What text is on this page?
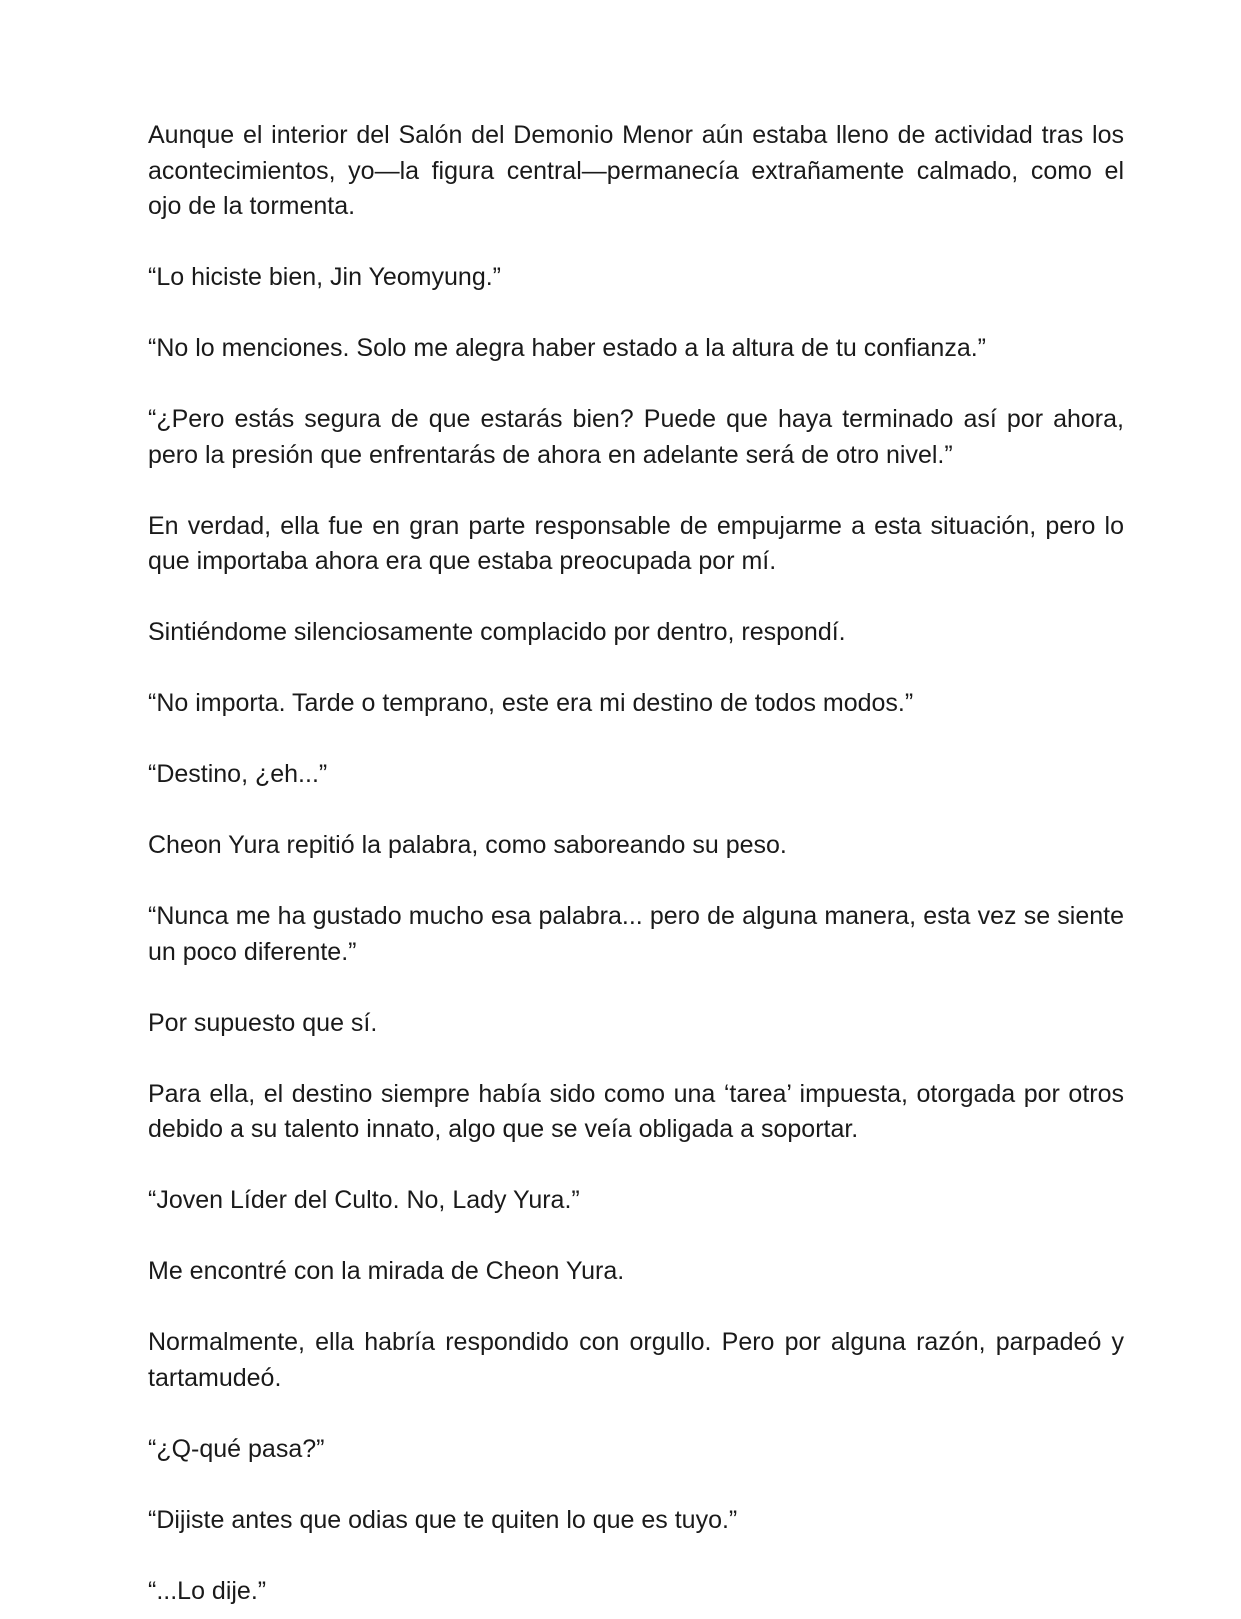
Aunque el interior del Salón del Demonio Menor aún estaba lleno de actividad tras los acontecimientos, yo—la figura central—permanecía extrañamente calmado, como el ojo de la tormenta.

“Lo hiciste bien, Jin Yeomyung.”

“No lo menciones. Solo me alegra haber estado a la altura de tu confianza.”

“¿Pero estás segura de que estarás bien? Puede que haya terminado así por ahora, pero la presión que enfrentarás de ahora en adelante será de otro nivel.”

En verdad, ella fue en gran parte responsable de empujarme a esta situación, pero lo que importaba ahora era que estaba preocupada por mí.

Sintiéndome silenciosamente complacido por dentro, respondí.

“No importa. Tarde o temprano, este era mi destino de todos modos.”

“Destino, ¿eh...”

Cheon Yura repitió la palabra, como saboreando su peso.

“Nunca me ha gustado mucho esa palabra... pero de alguna manera, esta vez se siente un poco diferente.”

Por supuesto que sí.

Para ella, el destino siempre había sido como una ‘tarea’ impuesta, otorgada por otros debido a su talento innato, algo que se veía obligada a soportar.

“Joven Líder del Culto. No, Lady Yura.”

Me encontré con la mirada de Cheon Yura.

Normalmente, ella habría respondido con orgullo. Pero por alguna razón, parpadeó y tartamudeó.

“¿Q-qué pasa?”

“Dijiste antes que odias que te quiten lo que es tuyo.”

“...Lo dije.”
